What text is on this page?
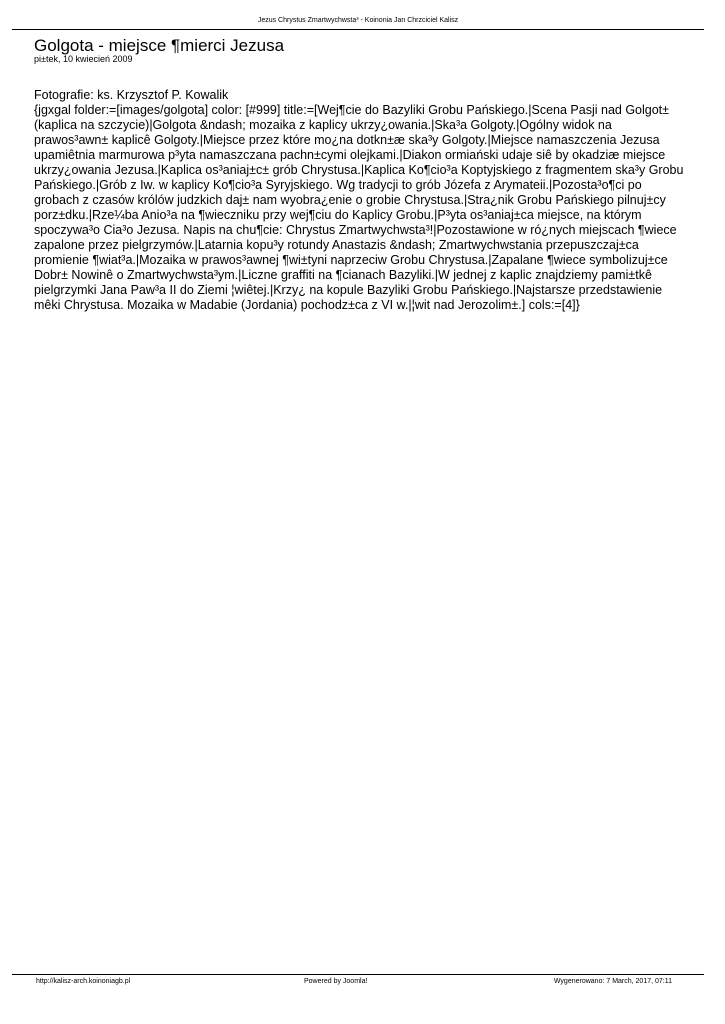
Jezus Chrystus Zmartwychwsta³ - Koinonia Jan Chrzciciel Kalisz
Golgota - miejsce ¶mierci Jezusa
pi±tek, 10 kwiecień 2009

Fotografie: ks. Krzysztof P. Kowalik

{jgxgal folder:=[images/golgota] color: [#999] title:=[Wej¶cie do Bazyliki Grobu Pańskiego.|Scena Pasji nad Golgot± (kaplica na szczycie)|Golgota &ndash; mozaika z kaplicy ukrzy¿owania.|Ska³a Golgoty.|Ogólny widok na prawos³awn± kaplicê Golgoty.|Miejsce przez które mo¿na dotkn±æ ska³y Golgoty.|Miejsce namaszczenia Jezusa upamiêtnia marmurowa p³yta namaszczana pachn±cymi olejkami.|Diakon ormiański udaje siê by okadziæ miejsce ukrzy¿owania Jezusa.|Kaplica os³aniaj±c± grób Chrystusa.|Kaplica Ko¶cio³a Koptyjskiego z fragmentem ska³y Grobu Pańskiego.|Grób z Iw. w kaplicy Ko¶cio³a Syryjskiego. Wg tradycji to grób Józefa z Arymateii.|Pozosta³o¶ci po grobach z czasów królów judzkich daj± nam wyobra¿enie o grobie Chrystusa.|Stra¿nik Grobu Pańskiego pilnuj±cy porz±dku.|Rze¼ba Anio³a na ¶wieczniku przy wej¶ciu do Kaplicy Grobu.|P³yta os³aniaj±ca miejsce, na którym spoczywa³o Cia³o Jezusa. Napis na chu¶cie: Chrystus Zmartwychwsta³!|Pozostawione w ró¿nych miejscach ¶wiece zapalone przez pielgrzymów.|Latarnia kopu³y rotundy Anastazis &ndash; Zmartwychwstania przepuszczaj±ca promienie ¶wiat³a.|Mozaika w prawos³awnej ¶wi±tyni naprzeciw Grobu Chrystusa.|Zapalane ¶wiece symbolizuj±ce Dobr± Nowinê o Zmartwychwsta³ym.|Liczne graffiti na ¶cianach Bazyliki.|W jednej z kaplic znajdziemy pami±tkê pielgrzymki Jana Paw³a II do Ziemi ¦wiêtej.|Krzy¿ na kopule Bazyliki Grobu Pańskiego.|Najstarsze przedstawienie mêki Chrystusa. Mozaika w Madabie (Jordania) pochodz±ca z VI w.|¦wit nad Jerozolim±.] cols:=[4]}

http://kalisz-arch.koinoniagb.pl	Powered by Joomla!	Wygenerowano: 7 March, 2017, 07:11
